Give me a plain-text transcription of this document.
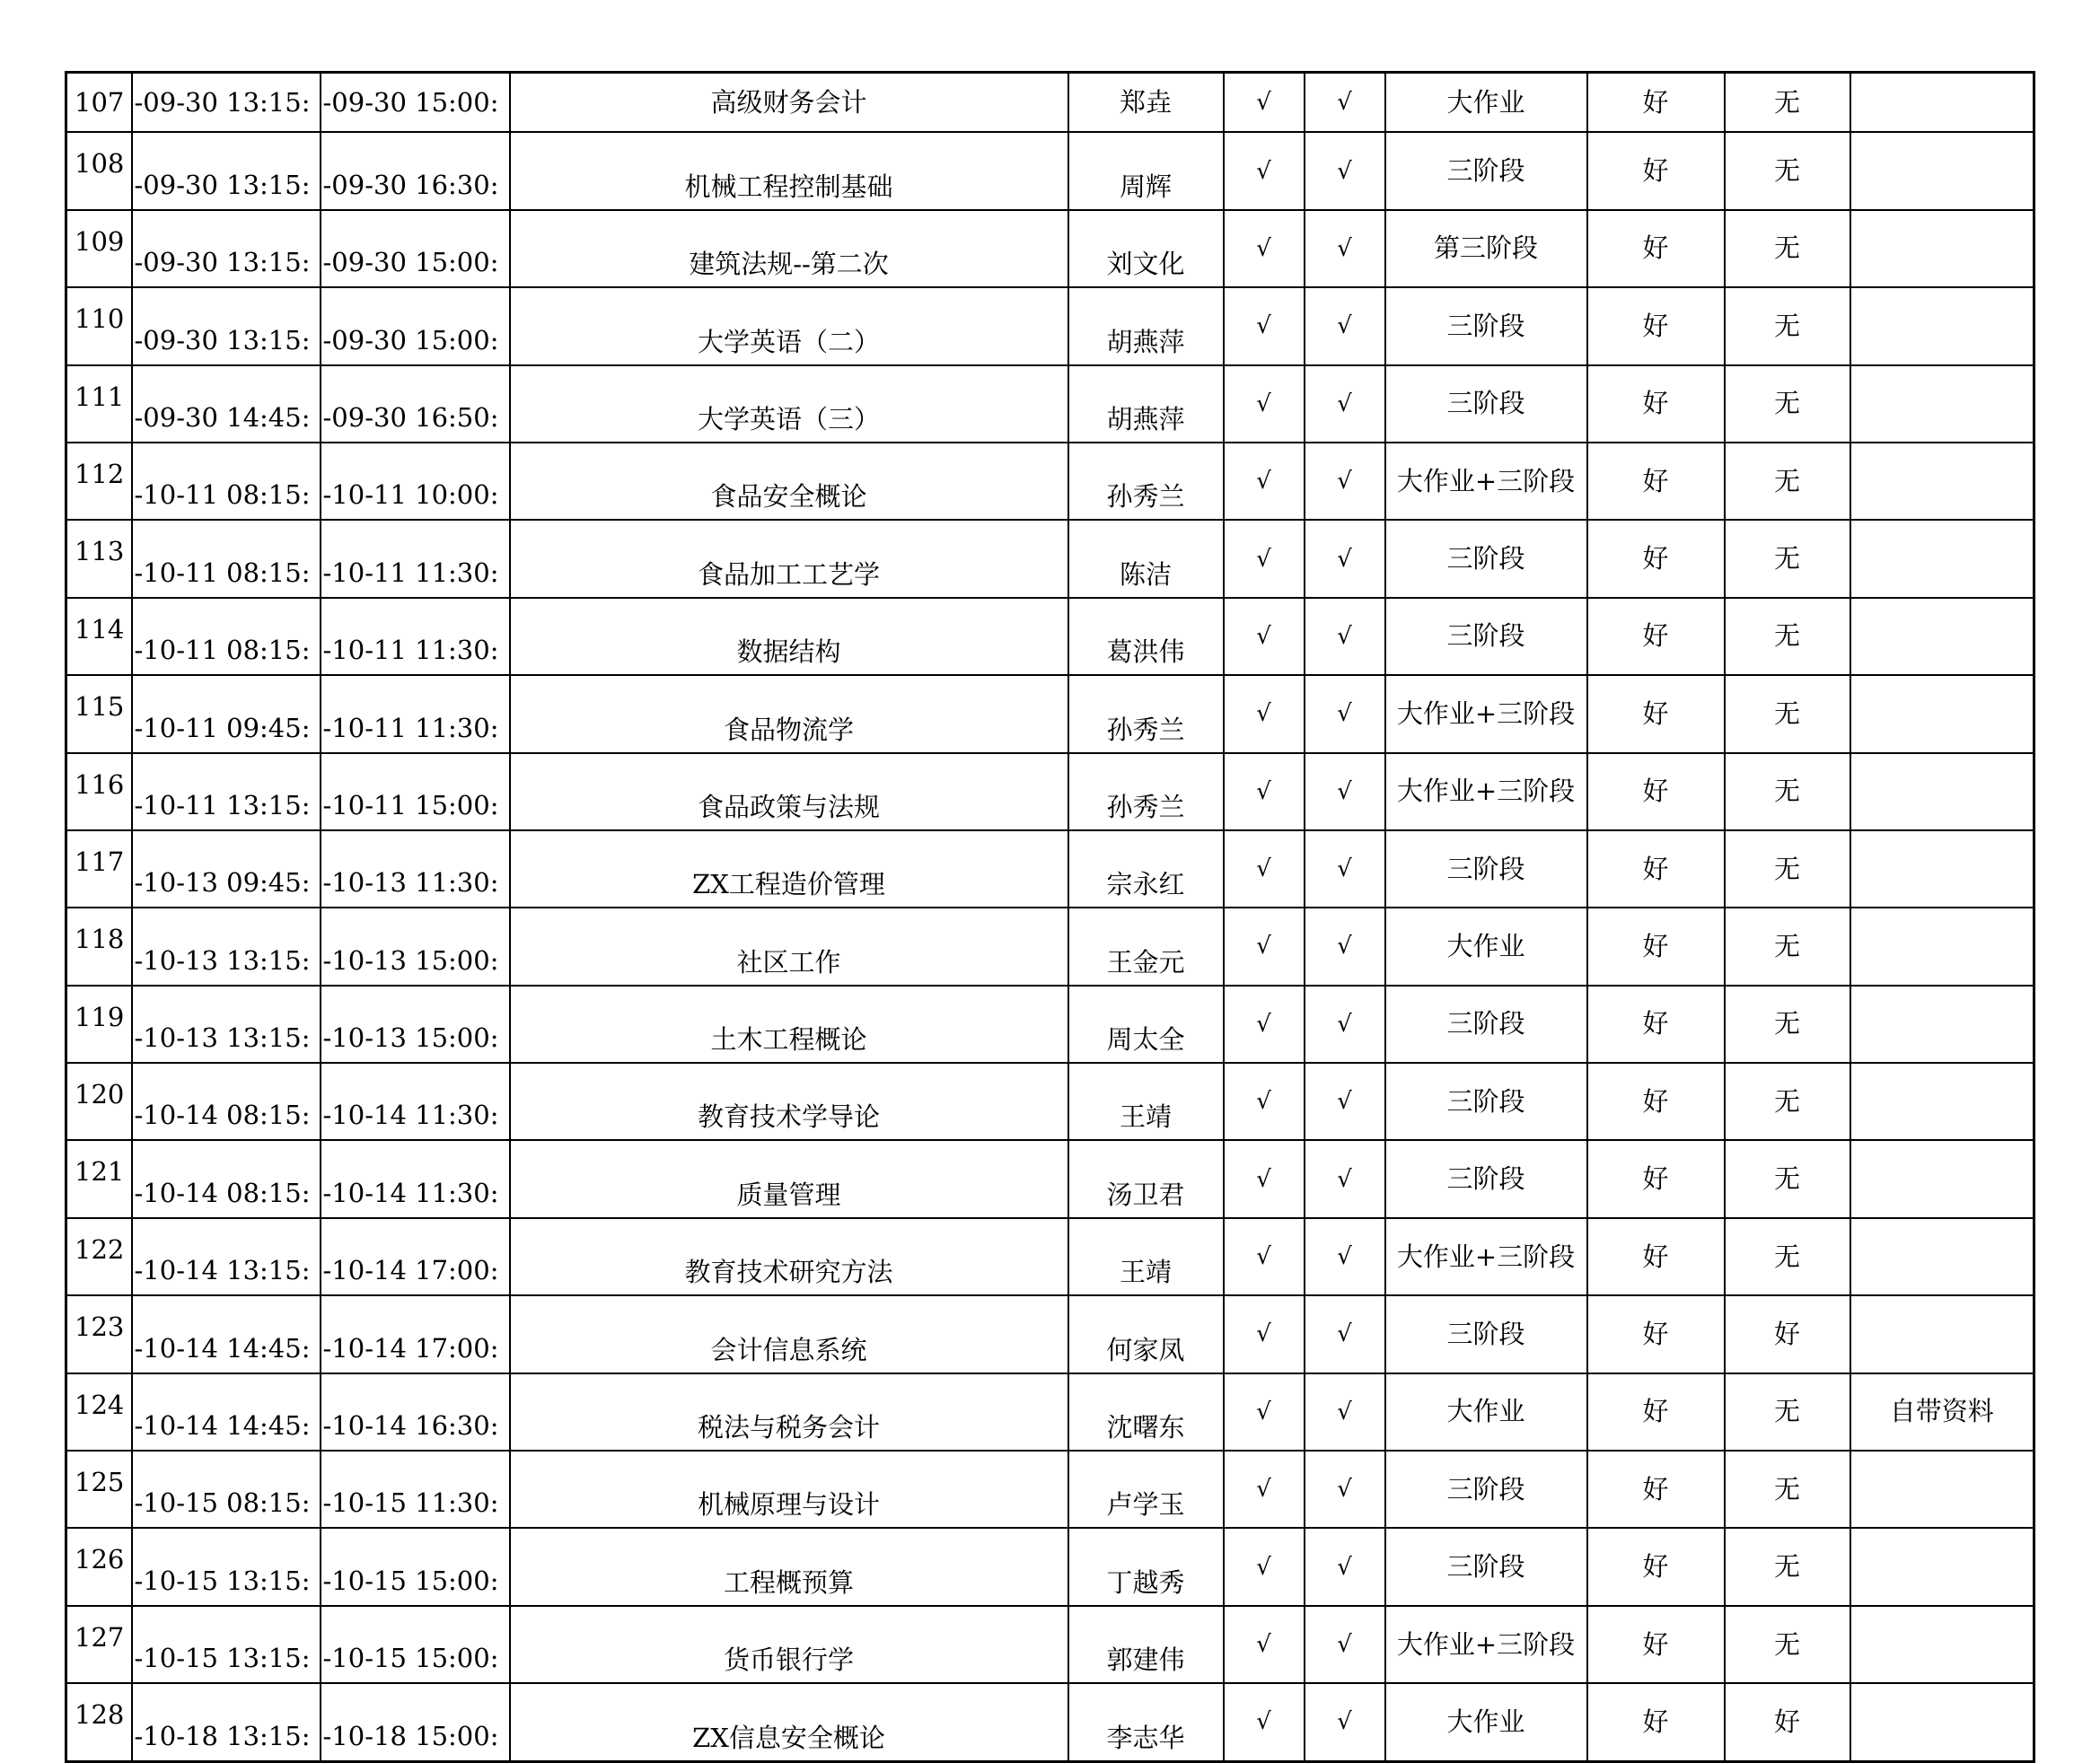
107	-09-30 13:15:	-09-30 15:00:	高级财务会计	郑垚	√	√	大作业	好	无	
108	-09-30 13:15:	-09-30 16:30:	机械工程控制基础	周辉	√	√	三阶段	好	无	
109	-09-30 13:15:	-09-30 15:00:	建筑法规--第二次	刘文化	√	√	第三阶段	好	无	
110	-09-30 13:15:	-09-30 15:00:	大学英语（二）	胡燕萍	√	√	三阶段	好	无	
111	-09-30 14:45:	-09-30 16:50:	大学英语（三）	胡燕萍	√	√	三阶段	好	无	
112	-10-11 08:15:	-10-11 10:00:	食品安全概论	孙秀兰	√	√	大作业+三阶段	好	无	
113	-10-11 08:15:	-10-11 11:30:	食品加工工艺学	陈洁	√	√	三阶段	好	无	
114	-10-11 08:15:	-10-11 11:30:	数据结构	葛洪伟	√	√	三阶段	好	无	
115	-10-11 09:45:	-10-11 11:30:	食品物流学	孙秀兰	√	√	大作业+三阶段	好	无	
116	-10-11 13:15:	-10-11 15:00:	食品政策与法规	孙秀兰	√	√	大作业+三阶段	好	无	
117	-10-13 09:45:	-10-13 11:30:	ZX工程造价管理	宗永红	√	√	三阶段	好	无	
118	-10-13 13:15:	-10-13 15:00:	社区工作	王金元	√	√	大作业	好	无	
119	-10-13 13:15:	-10-13 15:00:	土木工程概论	周太全	√	√	三阶段	好	无	
120	-10-14 08:15:	-10-14 11:30:	教育技术学导论	王靖	√	√	三阶段	好	无	
121	-10-14 08:15:	-10-14 11:30:	质量管理	汤卫君	√	√	三阶段	好	无	
122	-10-14 13:15:	-10-14 17:00:	教育技术研究方法	王靖	√	√	大作业+三阶段	好	无	
123	-10-14 14:45:	-10-14 17:00:	会计信息系统	何家凤	√	√	三阶段	好	好	
124	-10-14 14:45:	-10-14 16:30:	税法与税务会计	沈曙东	√	√	大作业	好	无	自带资料
125	-10-15 08:15:	-10-15 11:30:	机械原理与设计	卢学玉	√	√	三阶段	好	无	
126	-10-15 13:15:	-10-15 15:00:	工程概预算	丁越秀	√	√	三阶段	好	无	
127	-10-15 13:15:	-10-15 15:00:	货币银行学	郭建伟	√	√	大作业+三阶段	好	无	
128	-10-18 13:15:	-10-18 15:00:	ZX信息安全概论	李志华	√	√	大作业	好	好	
